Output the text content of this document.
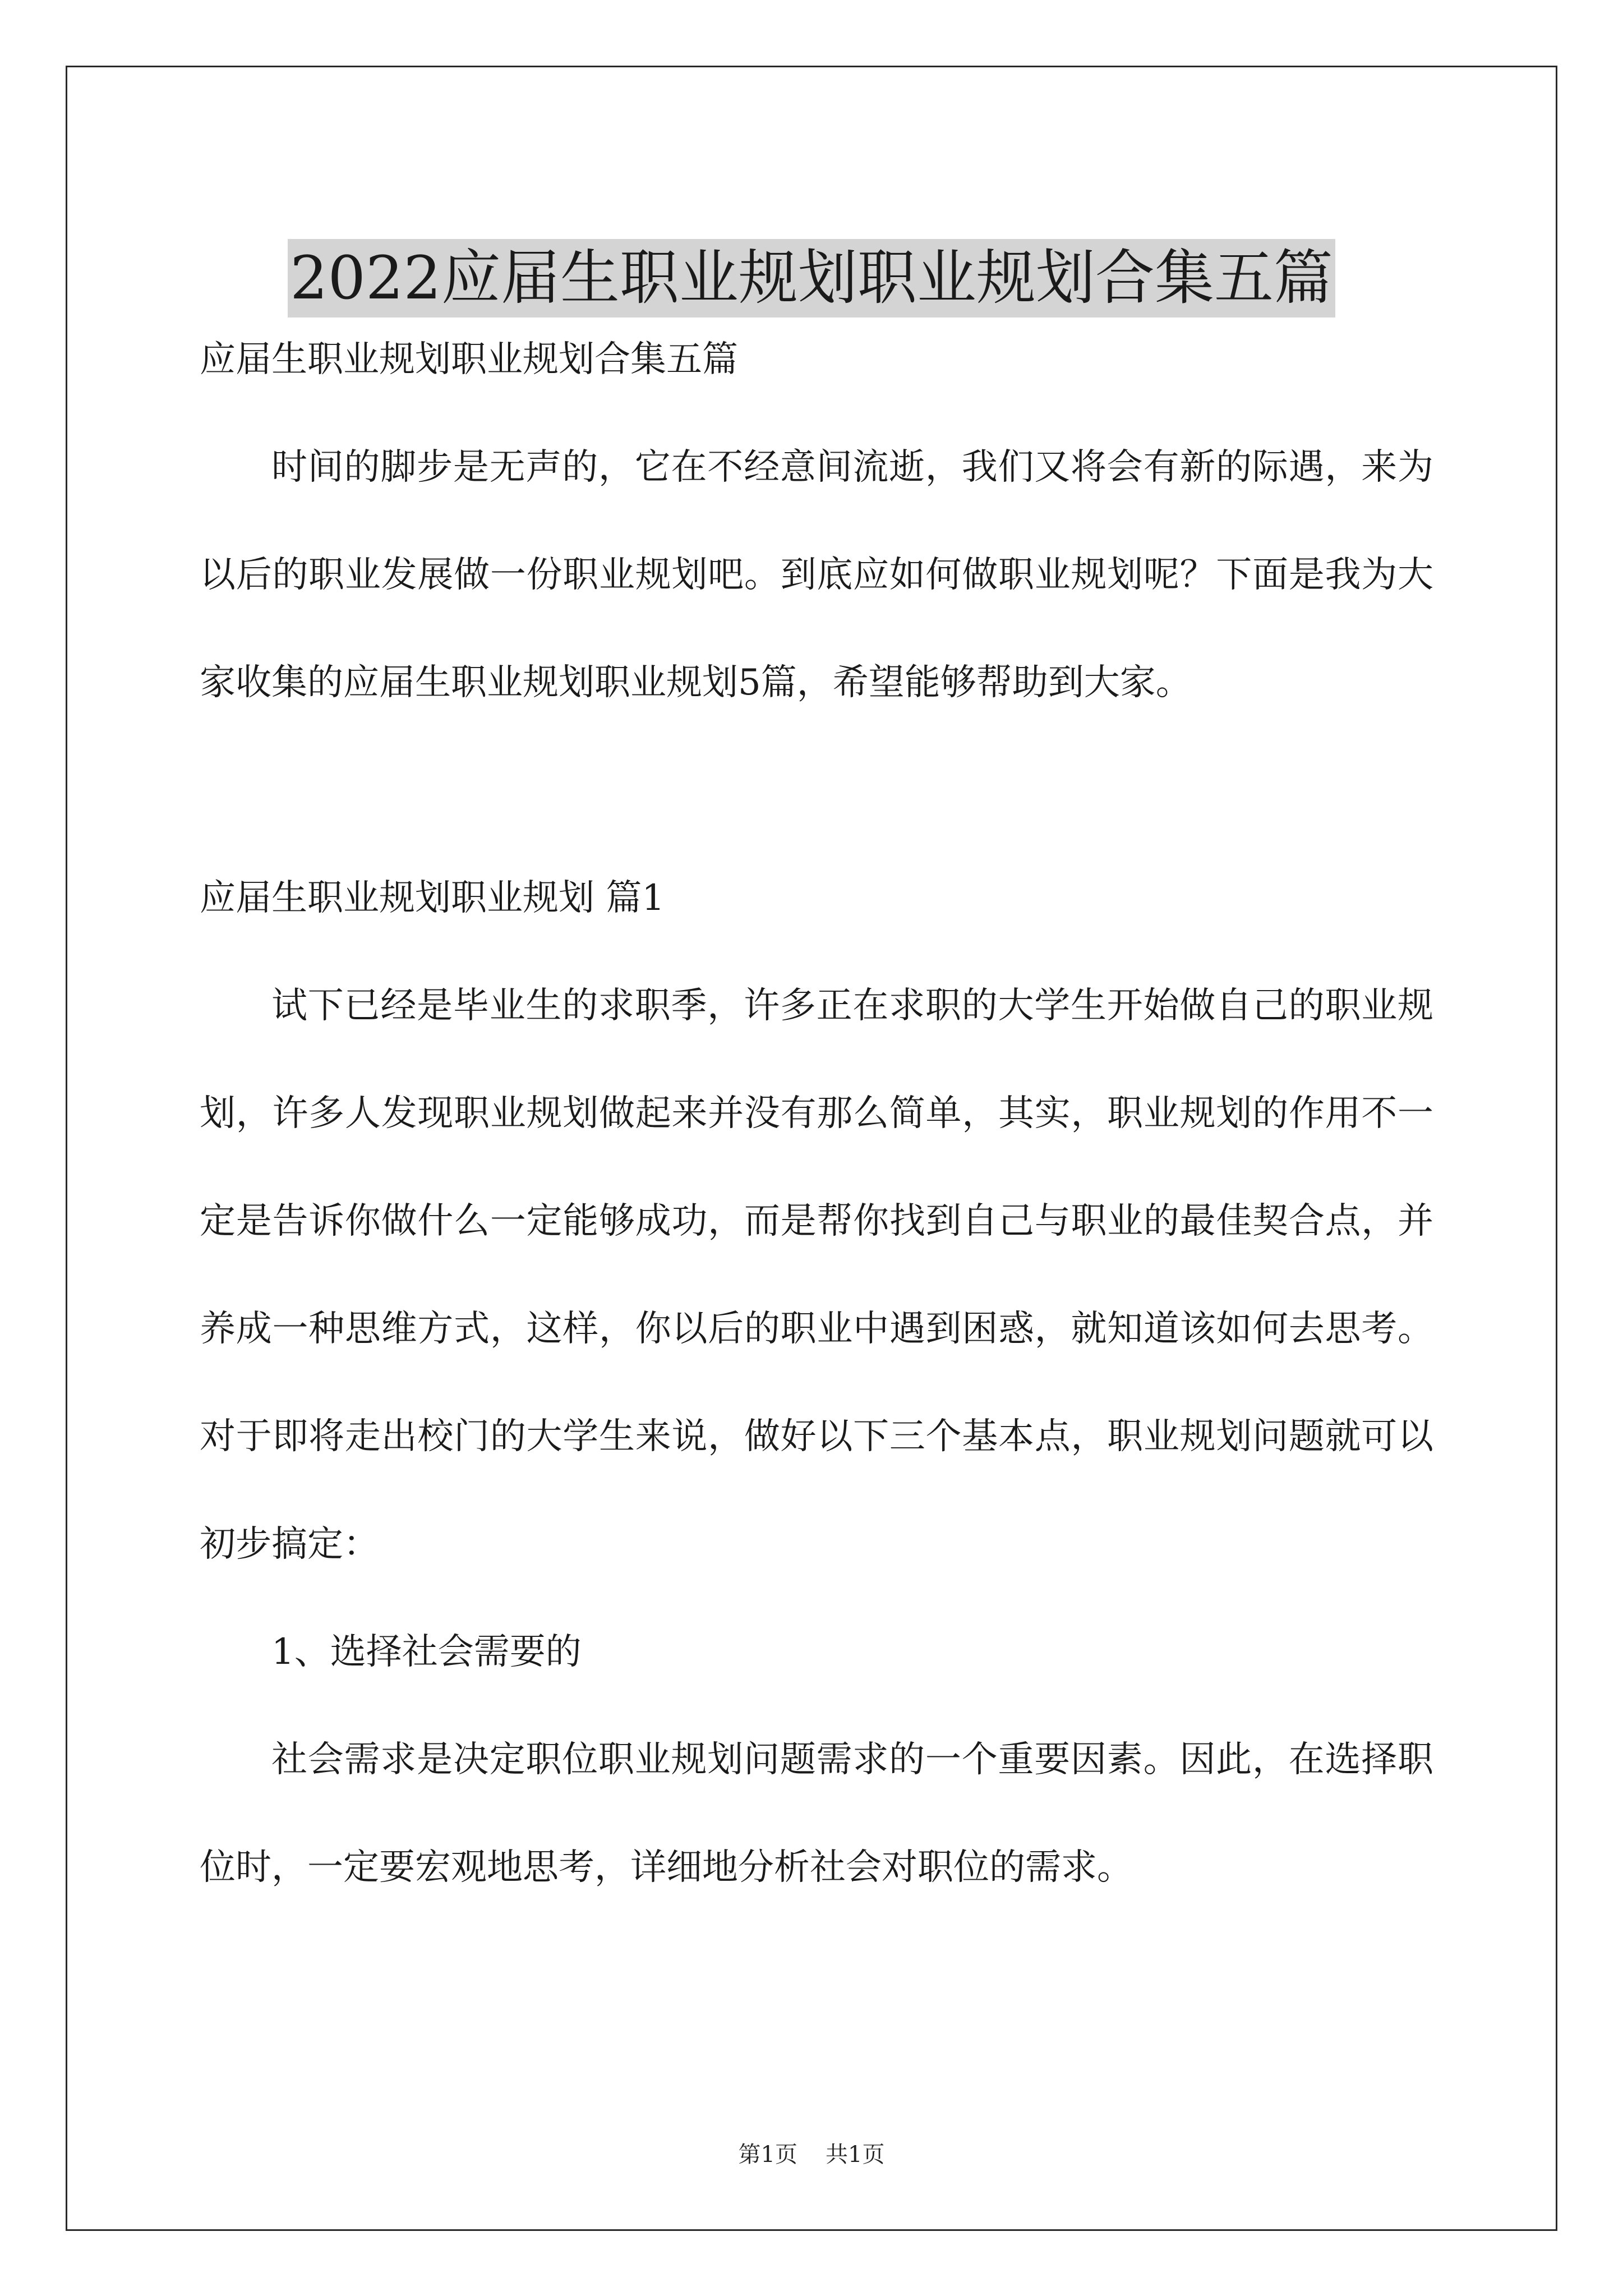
2022应届生职业规划职业规划合集五篇

应届生职业规划职业规划合集五篇

时间的脚步是无声的，它在不经意间流逝，我们又将会有新的际遇，来为以后的职业发展做一份职业规划吧。到底应如何做职业规划呢？下面是我为大家收集的应届生职业规划职业规划5篇，希望能够帮助到大家。

应届生职业规划职业规划 篇1

试下已经是毕业生的求职季，许多正在求职的大学生开始做自己的职业规划，许多人发现职业规划做起来并没有那么简单，其实，职业规划的作用不一定是告诉你做什么一定能够成功，而是帮你找到自己与职业的最佳契合点，并养成一种思维方式，这样，你以后的职业中遇到困惑，就知道该如何去思考。对于即将走出校门的大学生来说，做好以下三个基本点，职业规划问题就可以初步搞定：

1、选择社会需要的

社会需求是决定职位职业规划问题需求的一个重要因素。因此，在选择职位时，一定要宏观地思考，详细地分析社会对职位的需求。

第1页 共1页
